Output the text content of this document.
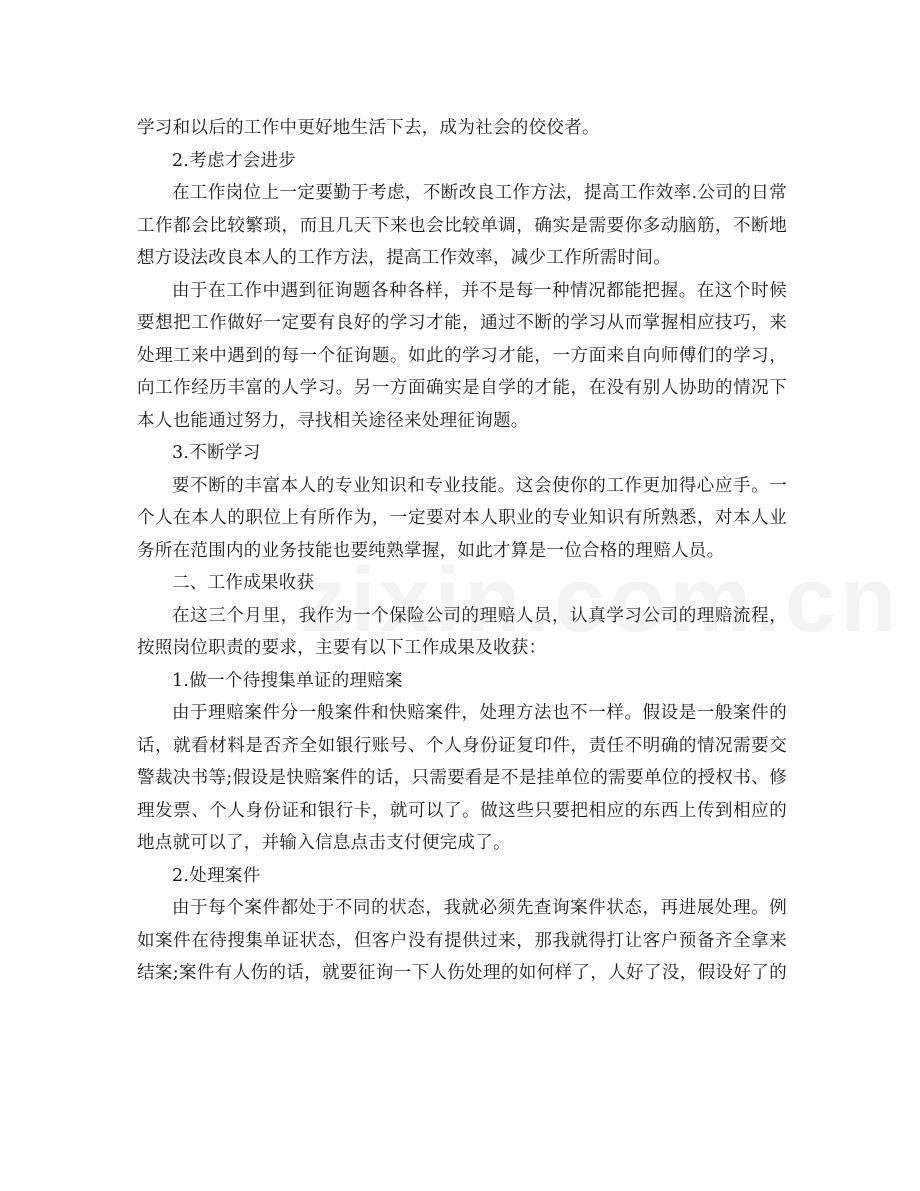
学习和以后的工作中更好地生活下去，成为社会的佼佼者。
2.考虑才会进步
在工作岗位上一定要勤于考虑，不断改良工作方法，提高工作效率.公司的日常
工作都会比较繁琐，而且几天下来也会比较单调，确实是需要你多动脑筋，不断地
想方设法改良本人的工作方法，提高工作效率，减少工作所需时间。
由于在工作中遇到征询题各种各样，并不是每一种情况都能把握。在这个时候
要想把工作做好一定要有良好的学习才能，通过不断的学习从而掌握相应技巧，来
处理工来中遇到的每一个征询题。如此的学习才能，一方面来自向师傅们的学习，
向工作经历丰富的人学习。另一方面确实是自学的才能，在没有别人协助的情况下
本人也能通过努力，寻找相关途径来处理征询题。
3.不断学习
要不断的丰富本人的专业知识和专业技能。这会使你的工作更加得心应手。一
个人在本人的职位上有所作为，一定要对本人职业的专业知识有所熟悉，对本人业
务所在范围内的业务技能也要纯熟掌握，如此才算是一位合格的理赔人员。
二、工作成果收获
在这三个月里，我作为一个保险公司的理赔人员，认真学习公司的理赔流程，
按照岗位职责的要求，主要有以下工作成果及收获：
1.做一个待搜集单证的理赔案
由于理赔案件分一般案件和快赔案件，处理方法也不一样。假设是一般案件的
话，就看材料是否齐全如银行账号、个人身份证复印件，责任不明确的情况需要交
警裁决书等;假设是快赔案件的话，只需要看是不是挂单位的需要单位的授权书、修
理发票、个人身份证和银行卡，就可以了。做这些只要把相应的东西上传到相应的
地点就可以了，并输入信息点击支付便完成了。
2.处理案件
由于每个案件都处于不同的状态，我就必须先查询案件状态，再进展处理。例
如案件在待搜集单证状态，但客户没有提供过来，那我就得打让客户预备齐全拿来
结案;案件有人伤的话，就要征询一下人伤处理的如何样了，人好了没，假设好了的
